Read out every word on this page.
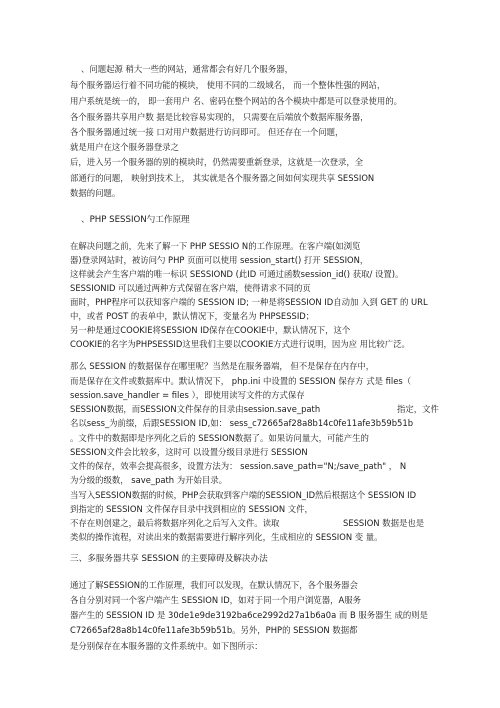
、问题起源 稍大一些的网站，通常都会有好几个服务器，
每个服务器运行着不同功能的模块， 使用不同的二级域名， 而一个整体性强的网站，
用户系统是统一的， 即一套用户 名、密码在整个网站的各个模块中都是可以登录使用的。
各个服务器共享用户数 据是比较容易实现的， 只需要在后端放个数据库服务器，
各个服务器通过统一接 口对用户数据进行访问即可。 但还存在一个问题，
就是用户在这个服务器登录之
后，进入另一个服务器的别的模块时，仍然需要重新登录，这就是一次登录，全
部通行的问题， 映射到技术上， 其实就是各个服务器之间如何实现共享 SESSION
数据的问题。
、PHP SESSION勺工作原理
在解决问题之前，先来了解一下 PHP SESSIO N的工作原理。在客户端(如浏览
器)登录网站时，被访问勺 PHP 页面可以使用 session_start() 打开 SESSION，
这样就会产生客户端的唯一标识 SESSIOND (此ID 可通过函数session_id() 获取/ 设置)。
SESSIONID 可以通过两种方式保留在客户端，使得请求不同的页
面时，PHP程序可以获知客户端的 SESSION ID; 一种是将SESSION ID自动加 入到 GET 的 URL
中，或者 POST 的表单中，默认情况下，变量名为 PHPSESSID；
另一种是通过COOKIE将SESSION ID保存在COOKIE中，默认情况下，这个
COOKIE的名字为PHPSESSID这里我们主要以COOKIE方式进行说明，因为应 用比较广泛。
那么 SESSION 的数据保存在哪里呢？当然是在服务器端， 但不是保存在内存中，
而是保存在文件或数据库中。默认情况下， php.ini 中设置的 SESSION 保存方 式是 files（
session.save_handler = files ），即使用读写文件的方式保存
SESSION数据，而SESSION文件保存的目录由session.save_path	指定，文件
名以sess_为前缀，后跟SESSION ID,如： sess_c72665af28a8b14c0fe11afe3b59b51b
。文件中的数据即是序列化之后的 SESSION数据了。如果访问量大，可能产生的
SESSION文件会比较多，这时可 以设置分级目录进行 SESSION
文件的保存，效率会提高很多，设置方法为： session.save_path="N;/save_path" ， N
为分级的级数， save_path 为开始目录。
当写入SESSION数据的时候，PHP会获取到客户端的SESSION_ID然后根据这个 SESSION ID
到指定的 SESSION 文件保存目录中找到相应的 SESSION 文件，
不存在则创建之，最后将数据序列化之后写入文件。读取	SESSION 数据是也是
类似的操作流程，对读出来的数据需要进行解序列化，生成相应的 SESSION 变 量。
三、多服务器共享 SESSION 的主要障碍及解决办法
通过了解SESSION的工作原理，我们可以发现，在默认情况下，各个服务器会
各自分别对同一个客户端产生 SESSION ID，如对于同一个用户浏览器，A服务
器产生的 SESSION ID 是 30de1e9de3192ba6ce2992d27a1b6a0a 而 B 服务器生 成的则是
C72665af28a8b14c0fe11afe3b59b51b。另外，PHP的 SESSION 数据都
是分别保存在本服务器的文件系统中。如下图所示：
